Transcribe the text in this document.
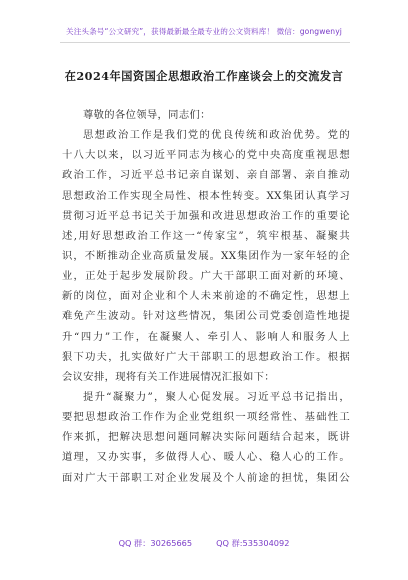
关注头条号“公文研究”，获得最新最全最专业的公文资料库！ 微信：gongwenyj
在2024年国资国企思想政治工作座谈会上的交流发言
尊敬的各位领导，同志们：
思想政治工作是我们党的优良传统和政治优势。党的
十八大以来，以习近平同志为核心的党中央高度重视思想
政治工作，习近平总书记亲自谋划、亲自部署、亲自推动
思想政治工作实现全局性、根本性转变。XX集团认真学习
贯彻习近平总书记关于加强和改进思想政治工作的重要论
述,用好思想政治工作这一“传家宝”，筑牢根基、凝聚共
识，不断推动企业高质量发展。XX集团作为一家年轻的企
业，正处于起步发展阶段。广大干部职工面对新的环境、
新的岗位，面对企业和个人未来前途的不确定性，思想上
难免产生波动。针对这些情况，集团公司党委创造性地提
升“四力”工作，在凝聚人、牵引人、影响人和服务人上
狠下功夫，扎实做好广大干部职工的思想政治工作。根据
会议安排，现将有关工作进展情况汇报如下：
提升“凝聚力”，聚人心促发展。习近平总书记指出，
要把思想政治工作作为企业党组织一项经常性、基础性工
作来抓，把解决思想问题同解决实际问题结合起来，既讲
道理，又办实事，多做得人心、暖人心、稳人心的工作。
面对广大干部职工对企业发展及个人前途的担忧，集团公
QQ 群：30265665	QQ 群:535304092
